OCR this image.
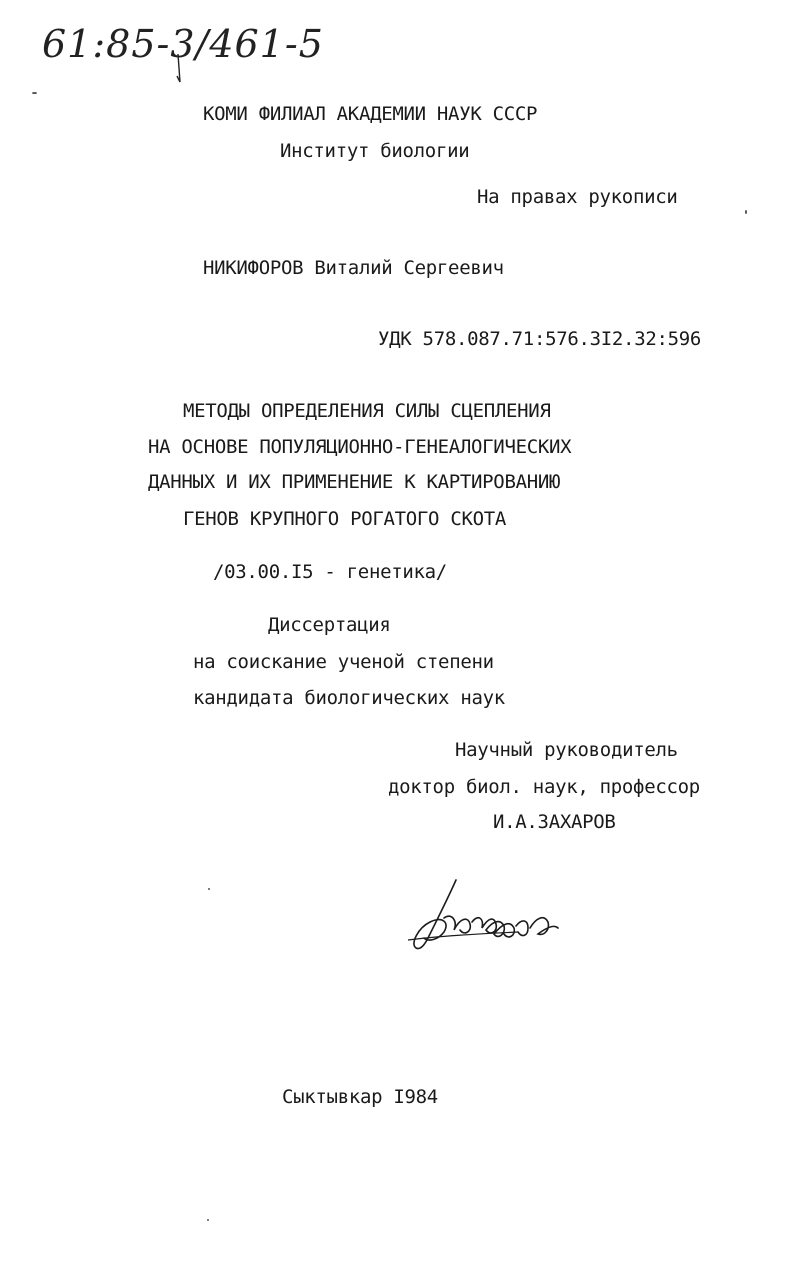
61:85-3/461-5
КОМИ ФИЛИАЛ АКАДЕМИИ НАУК СССР
Институт биологии
На правах рукописи
НИКИФОРОВ Виталий Сергеевич
УДК 578.087.71:576.3I2.32:596
МЕТОДЫ ОПРЕДЕЛЕНИЯ СИЛЫ СЦЕПЛЕНИЯ
НА ОСНОВЕ ПОПУЛЯЦИОННО-ГЕНЕАЛОГИЧЕСКИХ
ДАННЫХ И ИХ ПРИМЕНЕНИЕ К КАРТИРОВАНИЮ
ГЕНОВ КРУПНОГО РОГАТОГО СКОТА
/03.00.I5 - генетика/
Диссертация
на соискание ученой степени
кандидата биологических наук
Научный руководитель
доктор биол. наук, профессор
И.А.ЗАХАРОВ
Сыктывкар I984
